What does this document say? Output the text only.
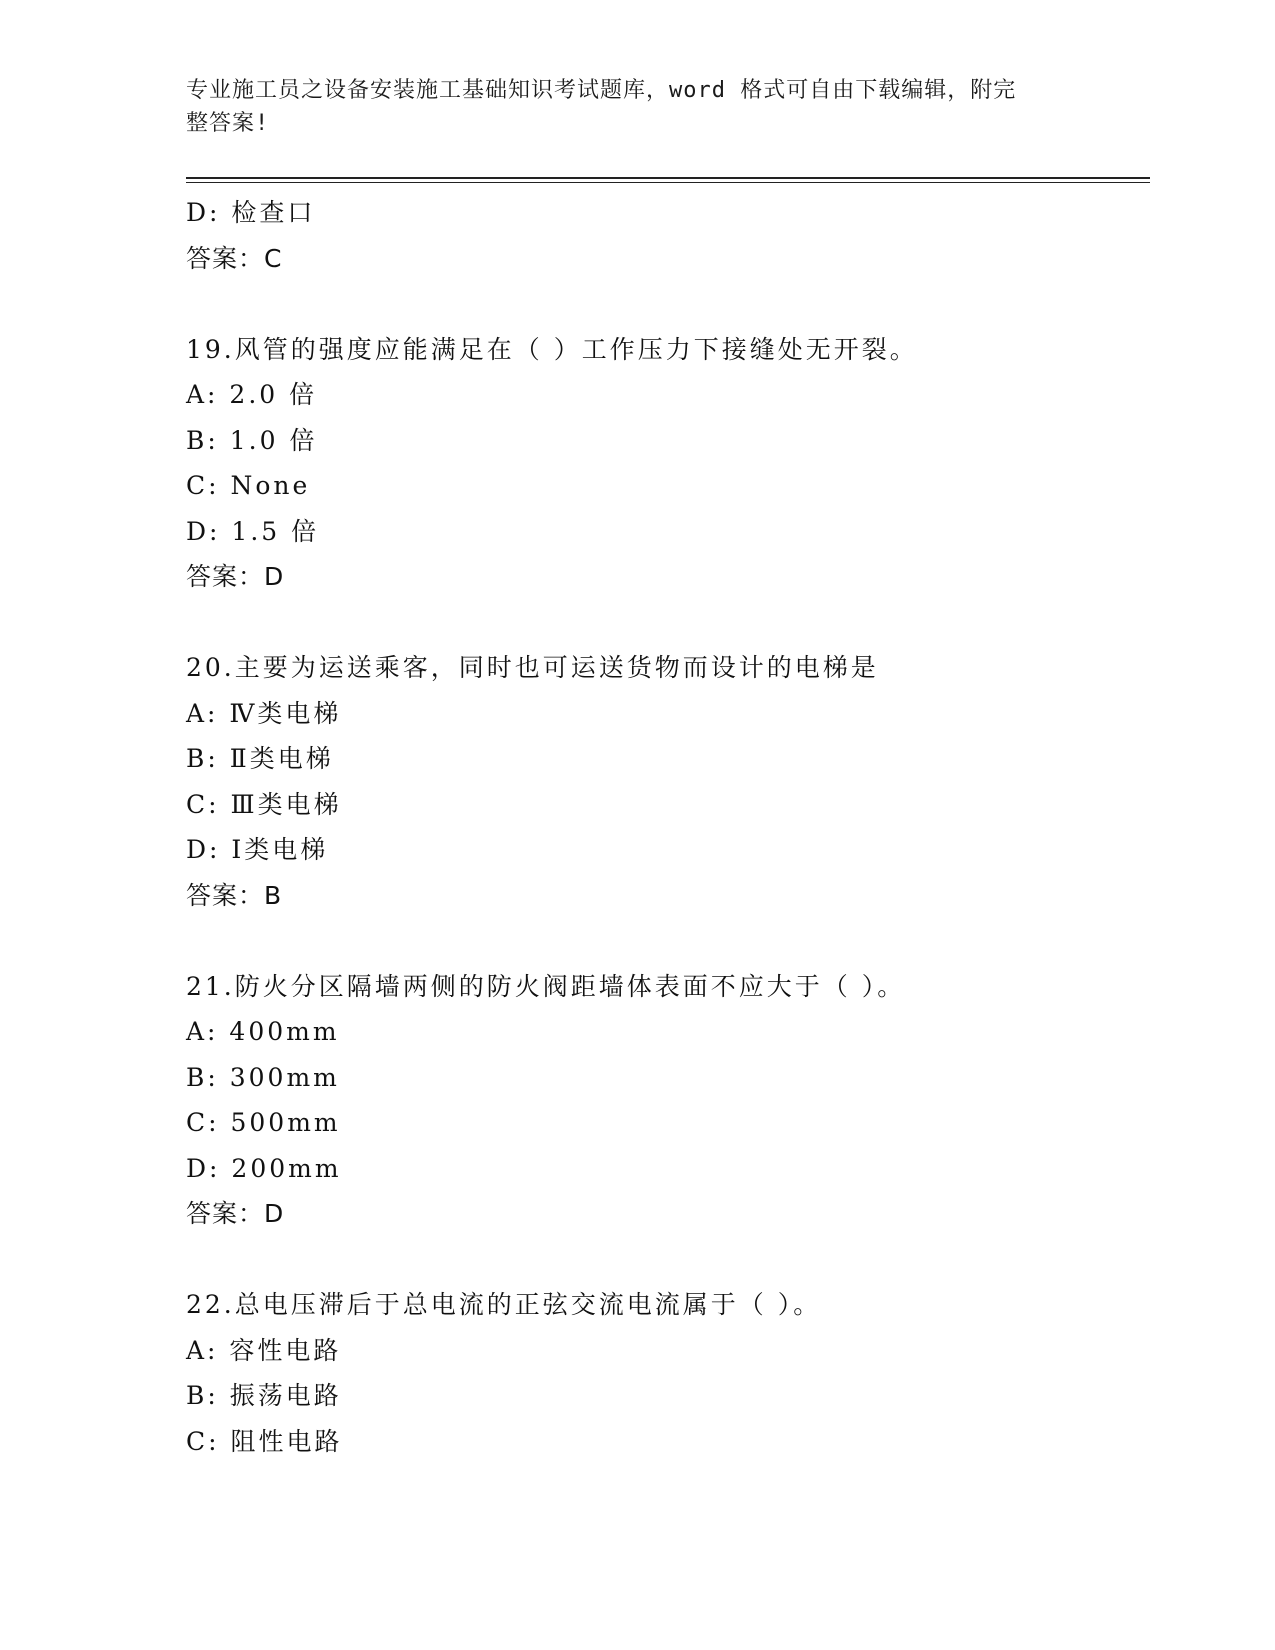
专业施工员之设备安装施工基础知识考试题库，word 格式可自由下载编辑，附完
整答案!
D: 检查口
答案：C
19.风管的强度应能满足在（ ）工作压力下接缝处无开裂。
A: 2.0 倍
B: 1.0 倍
C: None
D: 1.5 倍
答案：D
20.主要为运送乘客，同时也可运送货物而设计的电梯是
A: Ⅳ类电梯
B: Ⅱ类电梯
C: Ⅲ类电梯
D: Ⅰ类电梯
答案：B
21.防火分区隔墙两侧的防火阀距墙体表面不应大于（ ）。
A: 400mm
B: 300mm
C: 500mm
D: 200mm
答案：D
22.总电压滞后于总电流的正弦交流电流属于（ ）。
A: 容性电路
B: 振荡电路
C: 阻性电路
